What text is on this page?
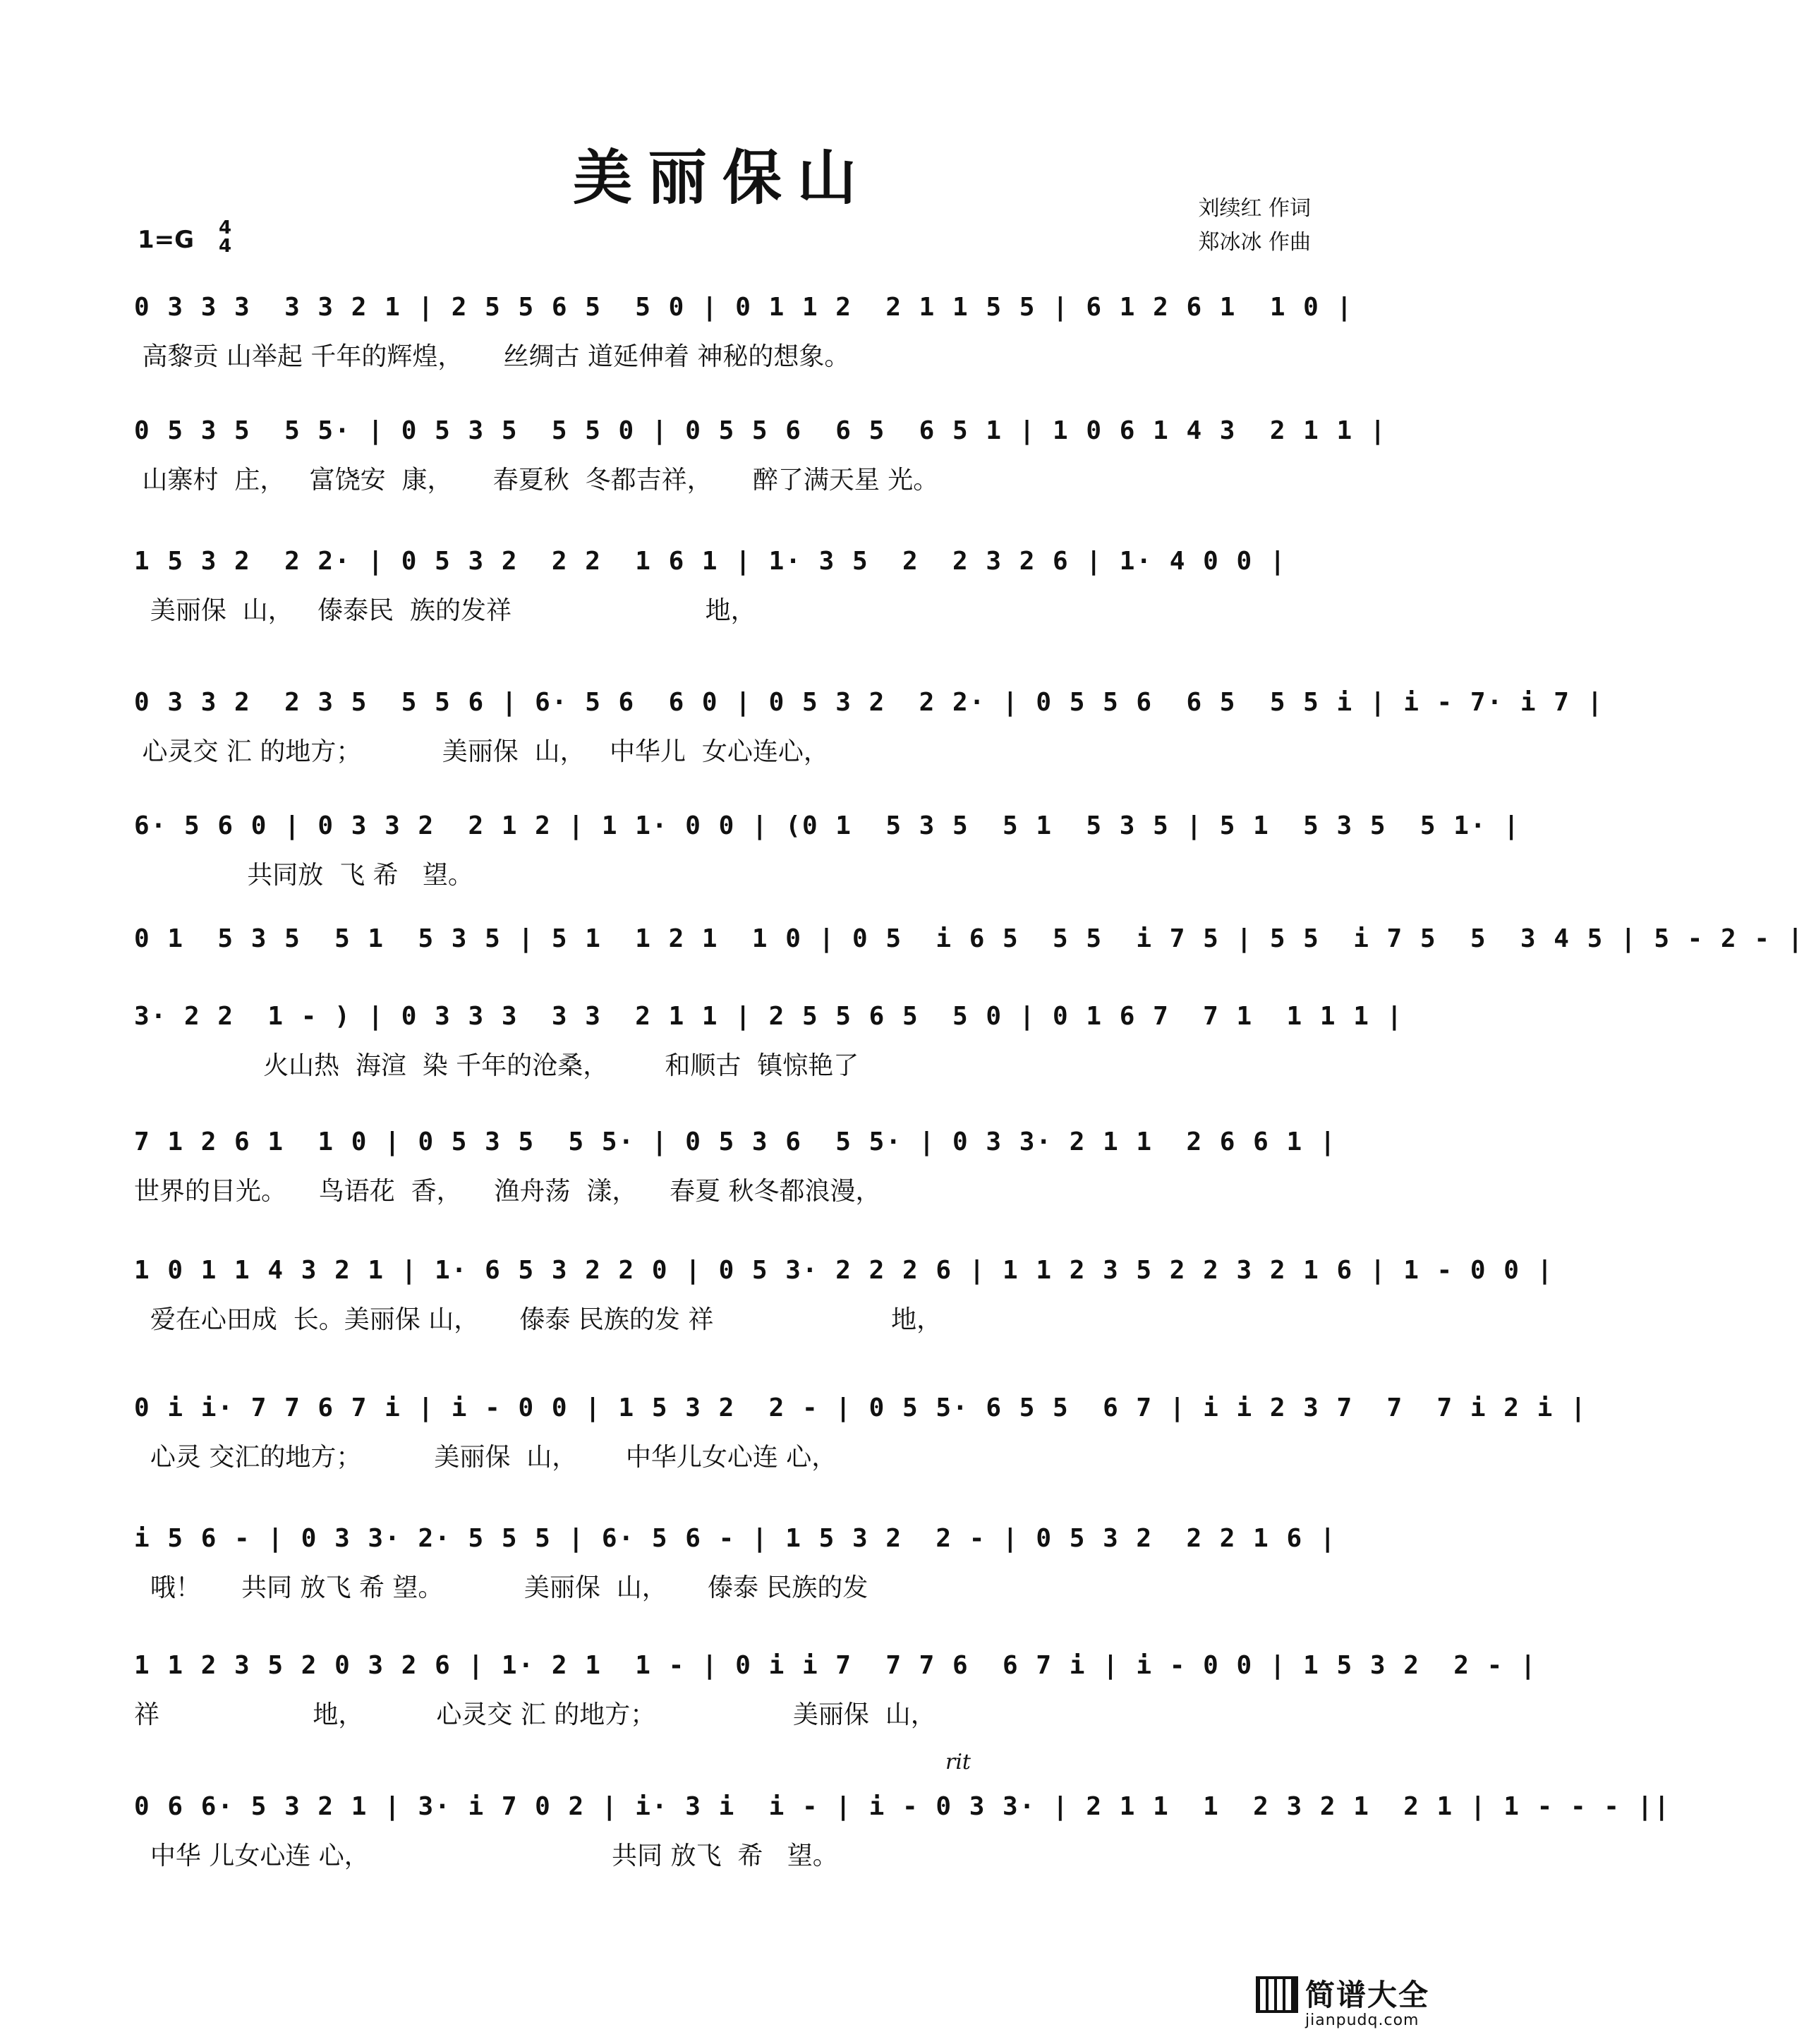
美丽保山	刘续红 作词
郑冰冰 作曲
1=G 4
4
0 3 3 3  3 3 2 1 | 2 5 5 6 5  5 0 | 0 1 1 2  2 1 1 5 5 | 6 1 2 6 1  1 0 |
高黎贡 山举起 千年的辉煌，     丝绸古 道延伸着 神秘的想象。
0 5 3 5  5 5· | 0 5 3 5  5 5 0 | 0 5 5 6  6 5  6 5 1 | 1 0 6 1 4 3  2 1 1 |
山寨村  庄，   富饶安  康，     春夏秋  冬都吉祥，     醉了满天星 光。
1 5 3 2  2 2· | 0 5 3 2  2 2  1 6 1 | 1· 3 5  2  2 3 2 6 | 1· 4 0 0 |
美丽保  山，   傣泰民  族的发祥                        地，
0 3 3 2  2 3 5  5 5 6 | 6· 5 6  6 0 | 0 5 3 2  2 2· | 0 5 5 6  6 5  5 5 i | i - 7· i 7 |
心灵交 汇 的地方；          美丽保  山，   中华儿  女心连心，
6· 5 6 0 | 0 3 3 2  2 1 2 | 1 1· 0 0 | (0 1  5 3 5  5 1  5 3 5 | 5 1  5 3 5  5 1· |
共同放  飞 希   望。
0 1  5 3 5  5 1  5 3 5 | 5 1  1 2 1  1 0 | 0 5  i 6 5  5 5  i 7 5 | 5 5  i 7 5  5  3 4 5 | 5 - 2 - |
3· 2 2  1 - ) | 0 3 3 3  3 3  2 1 1 | 2 5 5 6 5  5 0 | 0 1 6 7  7 1  1 1 1 |
火山热  海渲  染 千年的沧桑，       和顺古  镇惊艳了
7 1 2 6 1  1 0 | 0 5 3 5  5 5· | 0 5 3 6  5 5· | 0 3 3· 2 1 1  2 6 6 1 |
世界的目光。    鸟语花  香，    渔舟荡  漾，    春夏 秋冬都浪漫，
1 0 1 1 4 3 2 1 | 1· 6 5 3 2 2 0 | 0 5 3· 2 2 2 6 | 1 1 2 3 5 2 2 3 2 1 6 | 1 - 0 0 |
爱在心田成  长。美丽保 山，     傣泰 民族的发 祥                      地，
0 i i· 7 7 6 7 i | i - 0 0 | 1 5 3 2  2 - | 0 5 5· 6 5 5  6 7 | i i 2 3 7  7  7 i 2 i |
心灵 交汇的地方；         美丽保  山，      中华儿女心连 心，
i 5 6 - | 0 3 3· 2· 5 5 5 | 6· 5 6 - | 1 5 3 2  2 - | 0 5 3 2  2 2 1 6 |
哦！     共同 放飞 希 望。          美丽保  山，     傣泰 民族的发
1 1 2 3 5 2 0 3 2 6 | 1· 2 1  1 - | 0 i i 7  7 7 6  6 7 i | i - 0 0 | 1 5 3 2  2 - |
祥                   地，         心灵交 汇 的地方；                 美丽保  山，
rit
0 6 6· 5 3 2 1 | 3· i 7 0 2 | i· 3 i  i - | i - 0 3 3· | 2 1 1  1  2 3 2 1  2 1 | 1 - - - ||
中华 儿女心连 心，                              共同 放飞  希   望。
简谱大全
jianpudq.com
